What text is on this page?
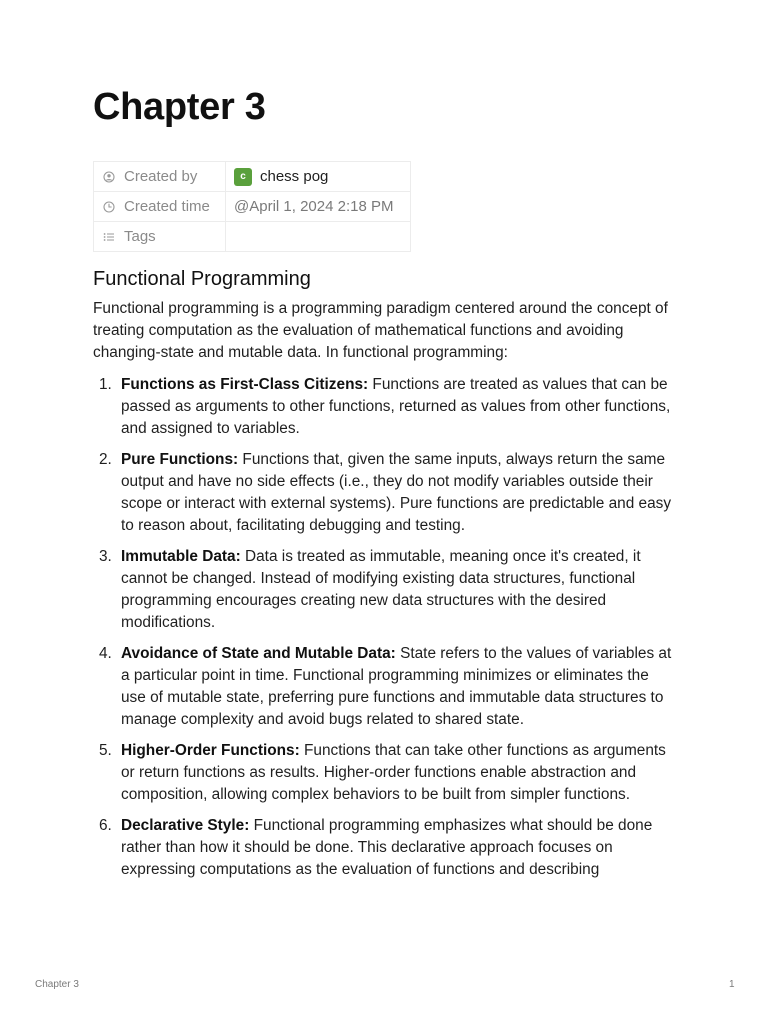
Chapter 3
Created by	c chess pog

Created time	@April 1, 2024 2:18 PM

Tags	

Functional Programming

Functional programming is a programming paradigm centered around the concept of treating computation as the evaluation of mathematical functions and avoiding changing-state and mutable data. In functional programming:

1. Functions as First-Class Citizens: Functions are treated as values that can be passed as arguments to other functions, returned as values from other functions, and assigned to variables.
2. Pure Functions: Functions that, given the same inputs, always return the same output and have no side effects (i.e., they do not modify variables outside their scope or interact with external systems). Pure functions are predictable and easy to reason about, facilitating debugging and testing.
3. Immutable Data: Data is treated as immutable, meaning once it's created, it cannot be changed. Instead of modifying existing data structures, functional programming encourages creating new data structures with the desired modifications.
4. Avoidance of State and Mutable Data: State refers to the values of variables at a particular point in time. Functional programming minimizes or eliminates the use of mutable state, preferring pure functions and immutable data structures to manage complexity and avoid bugs related to shared state.
5. Higher-Order Functions: Functions that can take other functions as arguments or return functions as results. Higher-order functions enable abstraction and composition, allowing complex behaviors to be built from simpler functions.
6. Declarative Style: Functional programming emphasizes what should be done rather than how it should be done. This declarative approach focuses on expressing computations as the evaluation of functions and describing
Chapter 3	1
